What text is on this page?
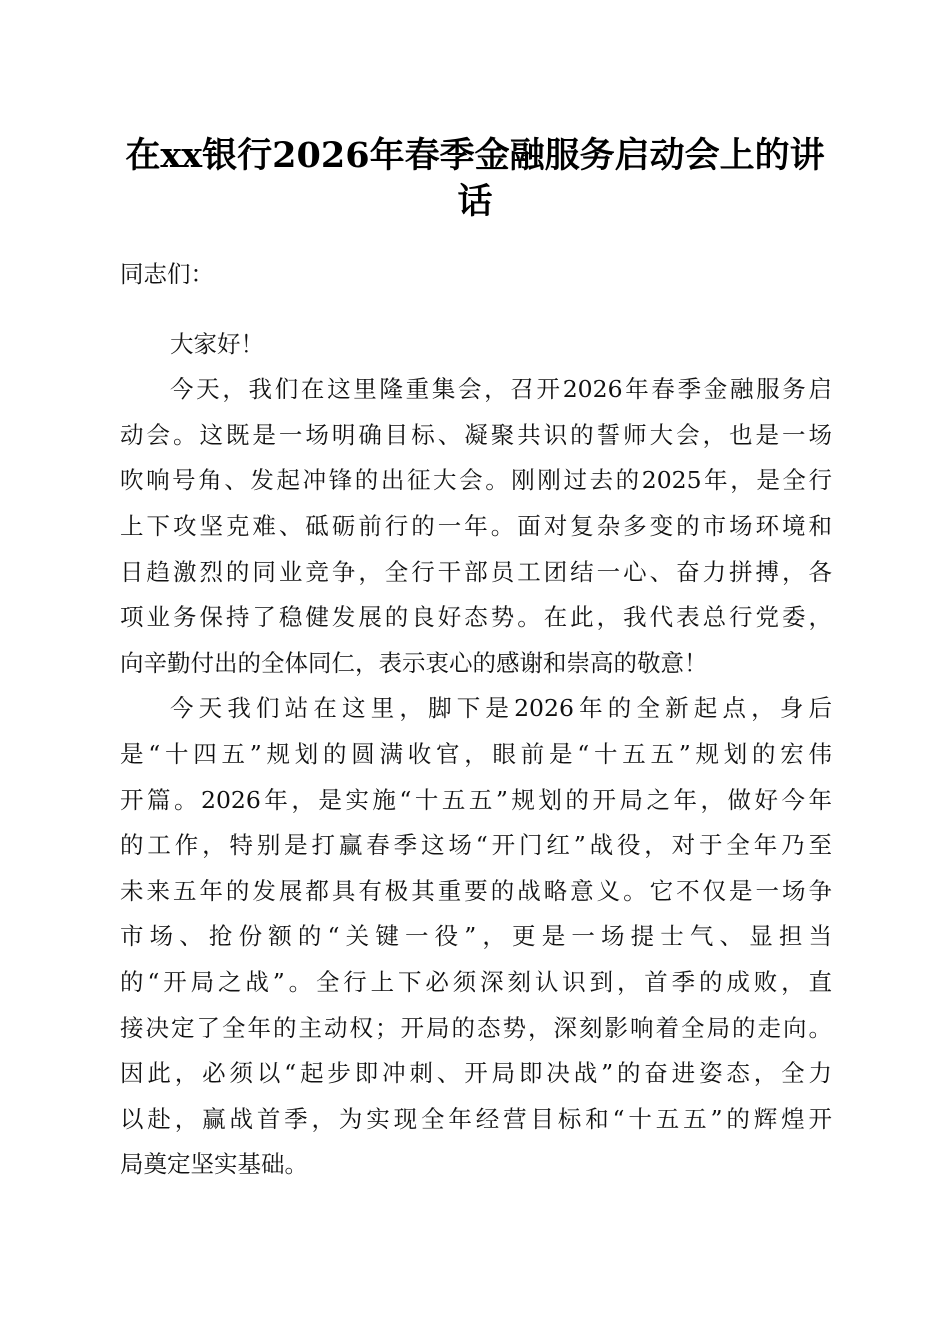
在xx银行2026年春季金融服务启动会上的讲
话
同志们：
大家好！
今天，我们在这里隆重集会，召开2026年春季金融服务启
动会。这既是一场明确目标、凝聚共识的誓师大会，也是一场
吹响号角、发起冲锋的出征大会。刚刚过去的2025年，是全行
上下攻坚克难、砥砺前行的一年。面对复杂多变的市场环境和
日趋激烈的同业竞争，全行干部员工团结一心、奋力拼搏，各
项业务保持了稳健发展的良好态势。在此，我代表总行党委，
向辛勤付出的全体同仁，表示衷心的感谢和崇高的敬意！
今天我们站在这里，脚下是2026年的全新起点，身后
是“十四五”规划的圆满收官，眼前是“十五五”规划的宏伟
开篇。2026年，是实施“十五五”规划的开局之年，做好今年
的工作，特别是打赢春季这场“开门红”战役，对于全年乃至
未来五年的发展都具有极其重要的战略意义。它不仅是一场争
市场、抢份额的“关键一役”，更是一场提士气、显担当
的“开局之战”。全行上下必须深刻认识到，首季的成败，直
接决定了全年的主动权；开局的态势，深刻影响着全局的走向。
因此，必须以“起步即冲刺、开局即决战”的奋进姿态，全力
以赴，赢战首季，为实现全年经营目标和“十五五”的辉煌开
局奠定坚实基础。
